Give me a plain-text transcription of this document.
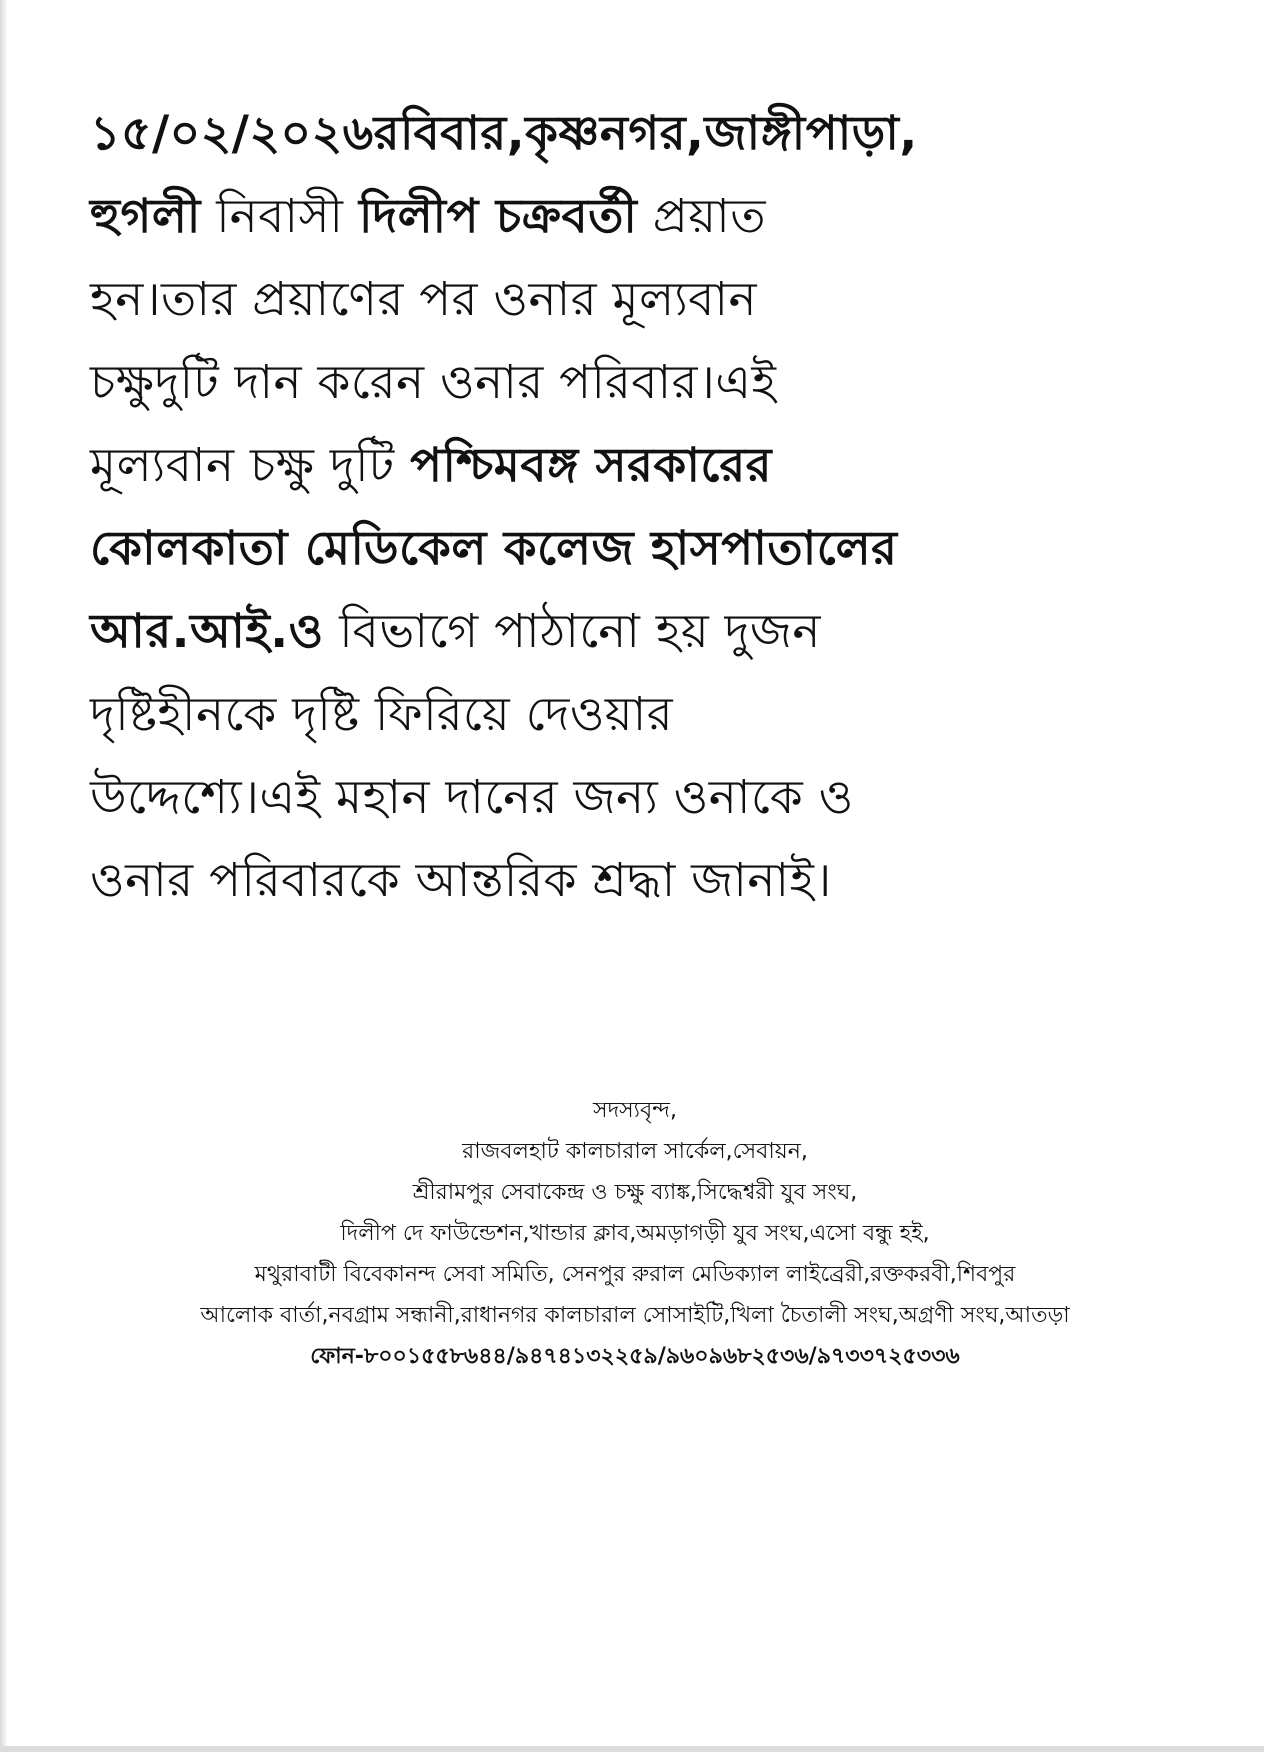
১৫/০২/২০২৬রবিবার,কৃষ্ণনগর,জাঙ্গীপাড়া,
হুগলী নিবাসী দিলীপ চক্রবর্তী প্রয়াত
হন।তার প্রয়াণের পর ওনার মূল্যবান
চক্ষুদুটি দান করেন ওনার পরিবার।এই
মূল্যবান চক্ষু দুটি পশ্চিমবঙ্গ সরকারের
কোলকাতা মেডিকেল কলেজ হাসপাতালের
আর.আই.ও বিভাগে পাঠানো হয় দুজন
দৃষ্টিহীনকে দৃষ্টি ফিরিয়ে দেওয়ার
উদ্দেশ্যে।এই মহান দানের জন্য ওনাকে ও
ওনার পরিবারকে আন্তরিক শ্রদ্ধা জানাই।
সদস্যবৃন্দ,
রাজবলহাট কালচারাল সার্কেল,সেবায়ন,
শ্রীরামপুর সেবাকেন্দ্র ও চক্ষু ব্যাঙ্ক,সিদ্ধেশ্বরী যুব সংঘ,
দিলীপ দে ফাউন্ডেশন,খান্ডার ক্লাব,অমড়াগড়ী যুব সংঘ,এসো বন্ধু হই,
মথুরাবাটী বিবেকানন্দ সেবা সমিতি, সেনপুর রুরাল মেডিক্যাল লাইব্রেরী,রক্তকরবী,শিবপুর
আলোক বার্তা,নবগ্রাম সন্ধানী,রাধানগর কালচারাল সোসাইটি,খিলা চৈতালী সংঘ,অগ্রণী সংঘ,আতড়া
ফোন-৮০০১৫৫৮৬৪৪/৯৪৭৪১৩২২৫৯/৯৬০৯৬৮২৫৩৬/৯৭৩৩৭২৫৩৩৬
